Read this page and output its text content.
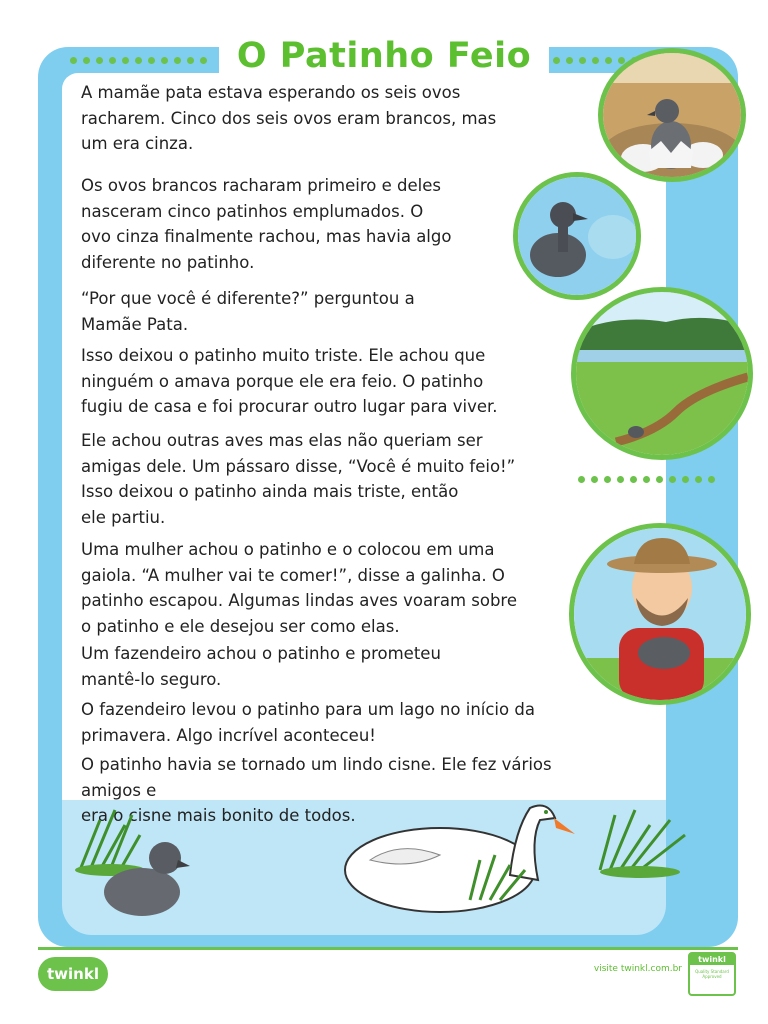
O Patinho Feio

A mamãe pata estava esperando os seis ovos
racharem. Cinco dos seis ovos eram brancos, mas
um era cinza.

Os ovos brancos racharam primeiro e deles
nasceram cinco patinhos emplumados. O
ovo cinza finalmente rachou, mas havia algo
diferente no patinho.

“Por que você é diferente?” perguntou a
Mamãe Pata.

Isso deixou o patinho muito triste. Ele achou que
ninguém o amava porque ele era feio. O patinho
fugiu de casa e foi procurar outro lugar para viver.

Ele achou outras aves mas elas não queriam ser
amigas dele. Um pássaro disse, “Você é muito feio!”
Isso deixou o patinho ainda mais triste, então
ele partiu.

Uma mulher achou o patinho e o colocou em uma
gaiola. “A mulher vai te comer!”, disse a galinha. O
patinho escapou. Algumas lindas aves voaram sobre
o patinho e ele desejou ser como elas.

Um fazendeiro achou o patinho e prometeu
mantê-lo seguro.

O fazendeiro levou o patinho para um lago no início da
primavera. Algo incrível aconteceu!

O patinho havia se tornado um lindo cisne. Ele fez vários amigos e
era o cisne mais bonito de todos.

twinkl	visite twinkl.com.br
twinkl
Quality Standard Approved
